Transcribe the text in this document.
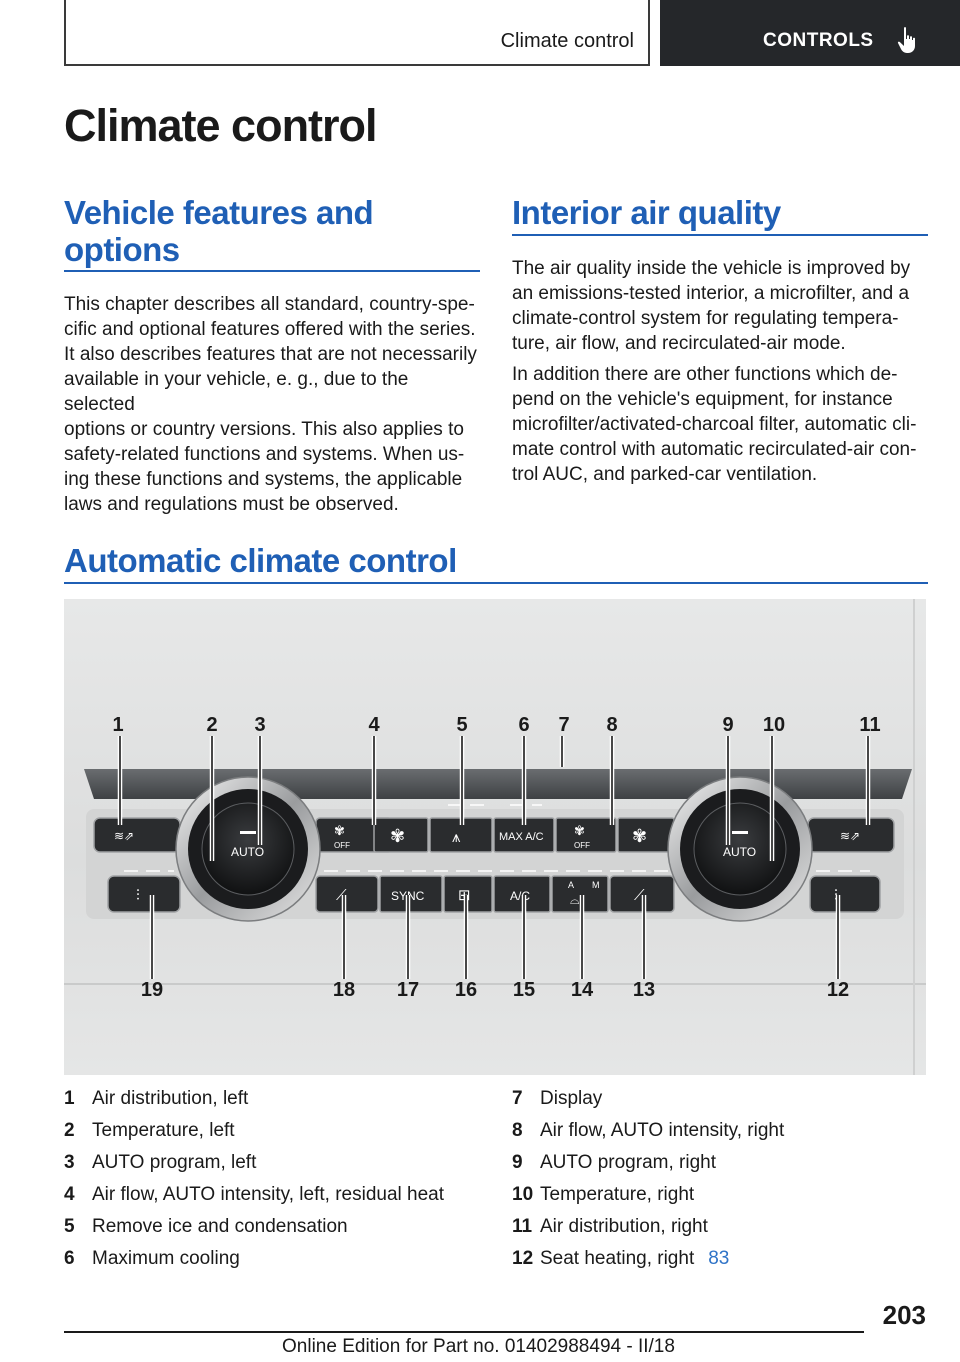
Climate control	CONTROLS
Climate control
Vehicle features and
options
This chapter describes all standard, country-spe-
cific and optional features offered with the series.
It also describes features that are not necessarily
available in your vehicle, e. g., due to the selected
options or country versions. This also applies to
safety-related functions and systems. When us-
ing these functions and systems, the applicable
laws and regulations must be observed.
Interior air quality

The air quality inside the vehicle is improved by
an emissions-tested interior, a microfilter, and a
climate-control system for regulating tempera-
ture, air flow, and recirculated-air mode.

In addition there are other functions which de-
pend on the vehicle's equipment, for instance
microfilter/activated-charcoal filter, automatic cli-
mate control with automatic recirculated-air con-
trol AUC, and parked-car ventilation.

Automatic climate control
≋⇗	✾
OFF ✾	⩚	MAX A/C ✾
OFF ✾	≋⇗
⫶	⟋	SYNC ⊞	A/C
A M
⌓	⟋	⫶
AUTO	AUTO
1	2 3	4	5	6 7 8	9 10	11
19	18 17 16 15 14 13	12
1 Air distribution, left
2 Temperature, left
3 AUTO program, left
4 Air flow, AUTO intensity, left, residual heat
5 Remove ice and condensation
6 Maximum cooling
7 Display
8 Air flow, AUTO intensity, right
9 AUTO program, right
10 Temperature, right
11 Air distribution, right
12 Seat heating, right 83
203
Online Edition for Part no. 01402988494 - II/18
